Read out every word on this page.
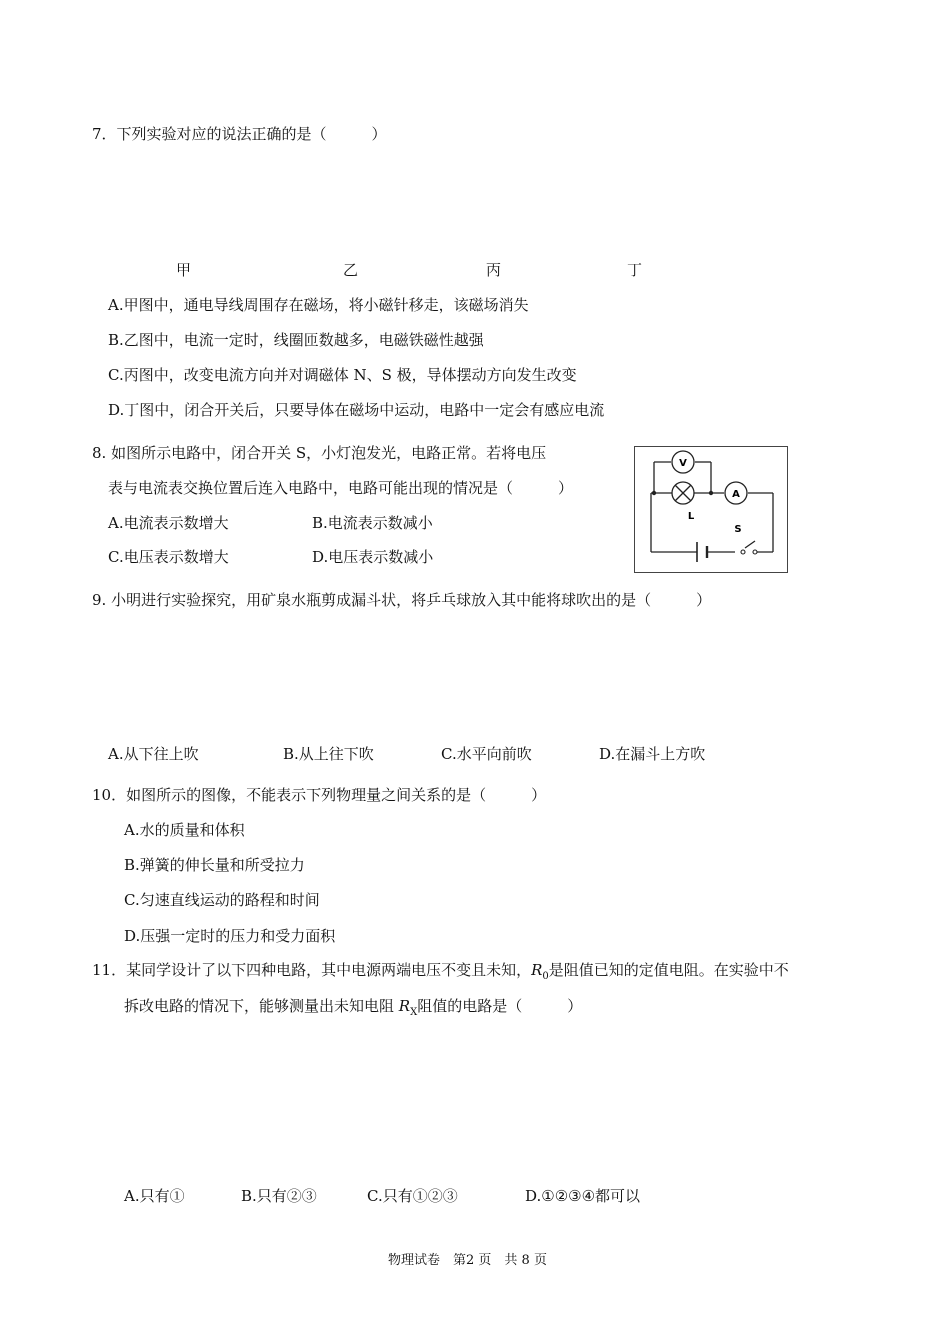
7．下列实验对应的说法正确的是（　　　）
甲	乙	丙	丁
A.甲图中，通电导线周围存在磁场，将小磁针移走，该磁场消失
B.乙图中，电流一定时，线圈匝数越多，电磁铁磁性越强
C.丙图中，改变电流方向并对调磁体 N、S 极，导体摆动方向发生改变
D.丁图中，闭合开关后，只要导体在磁场中运动，电路中一定会有感应电流
8. 如图所示电路中，闭合开关 S，小灯泡发光，电路正常。若将电压
表与电流表交换位置后连入电路中，电路可能出现的情况是（　　　）
A.电流表示数增大	B.电流表示数减小
C.电压表示数增大	D.电压表示数减小
V
L
A
S
9. 小明进行实验探究，用矿泉水瓶剪成漏斗状，将乒乓球放入其中能将球吹出的是（　　　）
A.从下往上吹	B.从上往下吹	C.水平向前吹	D.在漏斗上方吹
10．如图所示的图像，不能表示下列物理量之间关系的是（　　　）
A.水的质量和体积
B.弹簧的伸长量和所受拉力
C.匀速直线运动的路程和时间
D.压强一定时的压力和受力面积
11．某同学设计了以下四种电路，其中电源两端电压不变且未知，$R_0$是阻值已知的定值电阻。在实验中不
拆改电路的情况下，能够测量出未知电阻 $R_X$阻值的电路是（　　　）
A.只有①	B.只有②③	C.只有①②③	D.①②③④都可以
物理试卷　第2 页　共 8 页
